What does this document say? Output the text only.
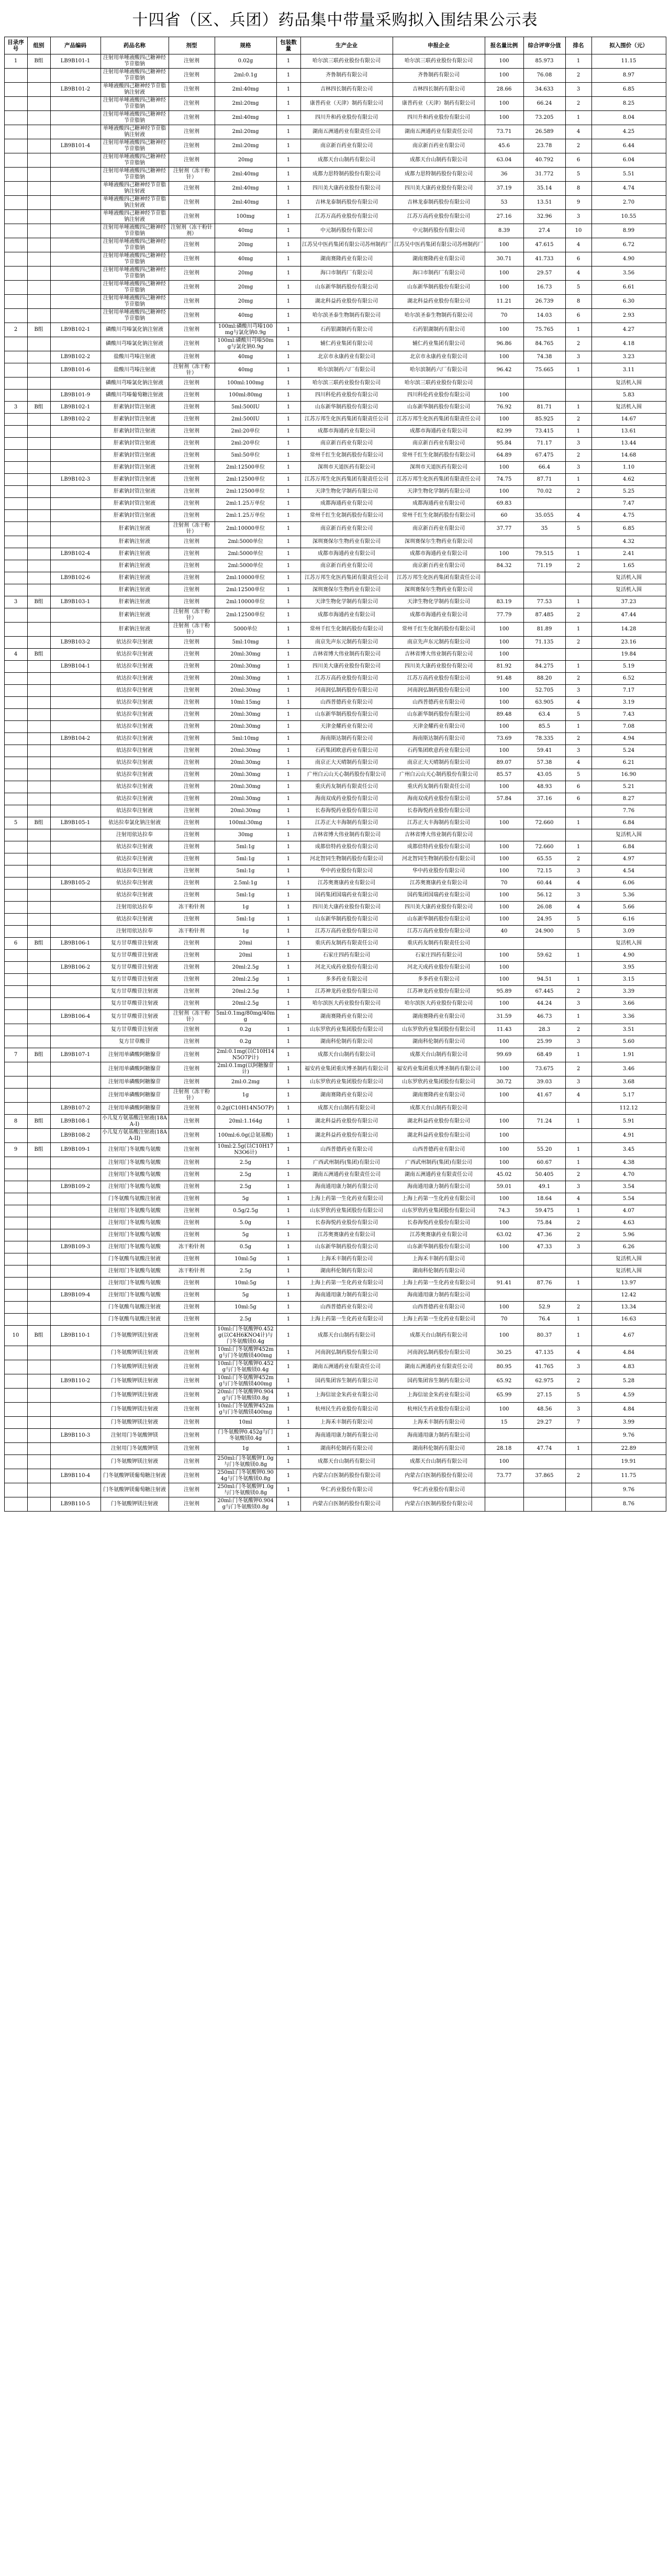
十四省（区、兵团）药品集中带量采购拟入围结果公示表
目录序号	组别	产品编码	药品名称	剂型	规格	包装数量	生产企业	申报企业	报名量比例	综合评审分值	排名	拟入围价（元）
1	B组	LB9B101-1	注射用单唾液酸四己糖神经节苷脂钠	注射剂	0.02g	1	哈尔滨三联药业股份有限公司	哈尔滨三联药业股份有限公司	100	85.973	1	11.15
			注射用单唾液酸四己糖神经节苷脂钠	注射剂	2ml:0.1g	1	齐鲁制药有限公司	齐鲁制药有限公司	100	76.08	2	8.97
		LB9B101-2	单唾液酸四己糖神经节苷脂钠注射液	注射剂	2ml:40mg	1	吉林四长制药有限公司	吉林四长制药有限公司	28.66	34.633	3	6.85
			注射用单唾液酸四己糖神经节苷脂钠	注射剂	2ml:20mg	1	康普药业（天津）制药有限公司	康普药业（天津）制药有限公司	100	66.24	2	8.25
			注射用单唾液酸四己糖神经节苷脂钠	注射剂	2ml:40mg	1	四川升和药业股份有限公司	四川升和药业股份有限公司	100	73.205	1	8.04
			单唾液酸四己糖神经节苷脂钠注射液	注射剂	2ml:20mg	1	湖南五洲通药业有限责任公司	湖南五洲通药业有限责任公司	73.71	26.589	4	4.25
		LB9B101-4	注射用单唾液酸四己糖神经节苷脂钠	注射剂	2ml:20mg	1	南京新百药业有限公司	南京新百药业有限公司	45.6	23.78	2	6.44
			注射用单唾液酸四己糖神经节苷脂钠	注射剂	20mg	1	成都天台山制药有限公司	成都天台山制药有限公司	63.04	40.792	6	6.04
			注射用单唾液酸四己糖神经节苷脂钠	注射剂（冻干粉针）	2ml:40mg	1	成都力思特制药股份有限公司	成都力思特制药股份有限公司	36	31.772	5	5.51
			单唾液酸四己糖神经节苷脂钠注射液	注射剂	2ml:40mg	1	四川美大康药业股份有限公司	四川美大康药业股份有限公司	37.19	35.14	8	4.74
			单唾液酸四己糖神经节苷脂钠注射液	注射剂	2ml:40mg	1	吉林龙泰制药股份有限公司	吉林龙泰制药股份有限公司	53	13.51	9	2.70
			单唾液酸四己糖神经节苷脂钠注射液	注射剂	100mg	1	江苏万高药业股份有限公司	江苏万高药业股份有限公司	27.16	32.96	3	10.55
			注射用单唾液酸四己糖神经节苷脂钠	注射剂（冻干粉针剂）	40mg	1	中元制药股份有限公司	中元制药股份有限公司	8.39	27.4	10	8.99
			注射用单唾液酸四己糖神经节苷脂钠	注射剂	20mg	1	江苏吴中医药集团有限公司苏州制药厂	江苏吴中医药集团有限公司苏州制药厂	100	47.615	4	6.72
			注射用单唾液酸四己糖神经节苷脂钠	注射剂	40mg	1	湖南赛隆药业有限公司	湖南赛隆药业有限公司	30.71	41.733	6	4.90
			注射用单唾液酸四己糖神经节苷脂钠	注射剂	20mg	1	海口市制药厂有限公司	海口市制药厂有限公司	100	29.57	4	3.56
			注射用单唾液酸四己糖神经节苷脂钠	注射剂	20mg	1	山东新华制药股份有限公司	山东新华制药股份有限公司	100	16.73	5	6.61
			注射用单唾液酸四己糖神经节苷脂钠	注射剂	20mg	1	湖北科益药业股份有限公司	湖北科益药业股份有限公司	11.21	26.739	8	6.30
			注射用单唾液酸四己糖神经节苷脂钠	注射剂	40mg	1	哈尔滨圣泰生物制药有限公司	哈尔滨圣泰生物制药有限公司	70	14.03	6	2.93
2	B组	LB9B102-1	磷酸川芎嗪氯化钠注射液	注射剂	100ml:磷酸川芎嗪100mg与氯化钠0.9g	1	石药银湖制药有限公司	石药银湖制药有限公司	100	75.765	1	4.27
			磷酸川芎嗪氯化钠注射液	注射剂	100ml:磷酸川芎嗪50mg与氯化钠0.9g	1	辅仁药业集团有限公司	辅仁药业集团有限公司	96.86	84.765	2	4.18
		LB9B102-2	盐酸川芎嗪注射液	注射剂	40mg	1	北京市永康药业有限公司	北京市永康药业有限公司	100	74.38	3	3.23
		LB9B101-6	盐酸川芎嗪注射液	注射剂（冻干粉针）	40mg	1	哈尔滨制药六厂有限公司	哈尔滨制药六厂有限公司	96.42	75.665	1	3.11
			磷酸川芎嗪氯化钠注射液	注射剂	100ml:100mg	1	哈尔滨三联药业股份有限公司	哈尔滨三联药业股份有限公司				复活机入围
		LB9B101-9	磷酸川芎嗪葡萄糖注射液	注射剂	100ml:80mg	1	四川科伦药业股份有限公司	四川科伦药业股份有限公司	100			5.83
3	B组	LB9B102-1	肝素钠封管注射液	注射剂	5ml:500IU	1	山东新华制药股份有限公司	山东新华制药股份有限公司	76.92	81.71	1	复活机入围
		LB9B102-2	肝素钠封管注射液	注射剂	2ml:500IU	1	江苏万邦生化医药集团有限责任公司	江苏万邦生化医药集团有限责任公司	100	85.925	2	14.67
			肝素钠封管注射液	注射剂	2ml:20单位	1	成都市海通药业有限公司	成都市海通药业有限公司	82.99	73.415	1	13.61
			肝素钠封管注射液	注射剂	2ml:20单位	1	南京新百药业有限公司	南京新百药业有限公司	95.84	71.17	3	13.44
			肝素钠封管注射液	注射剂	5ml:50单位	1	常州千红生化制药股份有限公司	常州千红生化制药股份有限公司	64.89	67.475	2	14.68
			肝素钠封管注射液	注射剂	2ml:12500单位	1	深圳市天道医药有限公司	深圳市天道医药有限公司	100	66.4	3	1.10
		LB9B102-3	肝素钠封管注射液	注射剂	2ml:12500单位	1	江苏万邦生化医药集团有限责任公司	江苏万邦生化医药集团有限责任公司	74.75	87.71	1	4.62
			肝素钠封管注射液	注射剂	2ml:12500单位	1	天津生物化学制药有限公司	天津生物化学制药有限公司	100	70.02	2	5.25
			肝素钠封管注射液	注射剂	2ml:1.25万单位	1	成都海通药业有限公司	成都海通药业有限公司	69.83			7.47
			肝素钠封管注射液	注射剂	2ml:1.25万单位	1	常州千红生化制药股份有限公司	常州千红生化制药股份有限公司	60	35.055	4	4.75
			肝素钠注射液	注射剂（冻干粉针）	2ml:10000单位	1	南京新百药业有限公司	南京新百药业有限公司	37.77	35	5	6.85
			肝素钠注射液	注射剂	2ml:5000单位	1	深圳赛保尔生物药业有限公司	深圳赛保尔生物药业有限公司				4.32
		LB9B102-4	肝素钠注射液	注射剂	2ml:5000单位	1	成都市海通药业有限公司	成都市海通药业有限公司	100	79.515	1	2.41
			肝素钠注射液	注射剂	2ml:5000单位	1	南京新百药业有限公司	南京新百药业有限公司	84.32	71.19	2	1.65
		LB9B102-6	肝素钠注射液	注射剂	2ml:10000单位	1	江苏万邦生化医药集团有限责任公司	江苏万邦生化医药集团有限责任公司				复活机入围
			肝素钠注射液	注射剂	2ml:12500单位	1	深圳赛保尔生物药业有限公司	深圳赛保尔生物药业有限公司				复活机入围
3	B组	LB9B103-1	肝素钠注射液	注射剂	2ml:10000单位	1	天津生物化学制药有限公司	天津生物化学制药有限公司	83.19	77.53	1	37.23
			肝素钠注射液	注射剂（冻干粉针）	2ml:12500单位	1	成都市海通药业有限公司	成都市海通药业有限公司	77.79	87.485	2	47.44
			肝素钠注射液	注射剂（冻干粉针）	5000单位	1	常州千红生化制药股份有限公司	常州千红生化制药股份有限公司	100	81.89	1	14.28
		LB9B103-2	依达拉奉注射液	注射剂	5ml:10mg	1	南京先声东元制药有限公司	南京先声东元制药有限公司	100	71.135	2	23.16
4	B组		依达拉奉注射液	注射剂	20ml:30mg	1	吉林省博大伟业制药有限公司	吉林省博大伟业制药有限公司	100			19.84
		LB9B104-1	依达拉奉注射液	注射剂	20ml:30mg	1	四川美大康药业股份有限公司	四川美大康药业股份有限公司	81.92	84.275	1	5.19
			依达拉奉注射液	注射剂	20ml:30mg	1	江苏万高药业股份有限公司	江苏万高药业股份有限公司	91.48	88.20	2	6.52
			依达拉奉注射液	注射剂	20ml:30mg	1	河南润弘制药股份有限公司	河南润弘制药股份有限公司	100	52.705	3	7.17
			依达拉奉注射液	注射剂	10ml:15mg	1	山西普德药业有限公司	山西普德药业有限公司	100	63.905	4	3.19
			依达拉奉注射液	注射剂	20ml:30mg	1	山东新华制药股份有限公司	山东新华制药股份有限公司	89.48	63.4	5	7.43
			依达拉奉注射液	注射剂	20ml:30mg	1	天津金耀药业有限公司	天津金耀药业有限公司	100	85.5	1	7.08
		LB9B104-2	依达拉奉注射液	注射剂	5ml:10mg	1	海南斯达制药有限公司	海南斯达制药有限公司	73.69	78.335	2	4.94
			依达拉奉注射液	注射剂	20ml:30mg	1	石药集团欧意药业有限公司	石药集团欧意药业有限公司	100	59.41	3	5.24
			依达拉奉注射液	注射剂	20ml:30mg	1	南京正大天晴制药有限公司	南京正大天晴制药有限公司	89.07	57.38	4	6.21
			依达拉奉注射液	注射剂	20ml:30mg	1	广州白云山天心制药股份有限公司	广州白云山天心制药股份有限公司	85.57	43.05	5	16.90
			依达拉奉注射液	注射剂	20ml:30mg	1	重庆药友制药有限责任公司	重庆药友制药有限责任公司	100	48.93	6	5.21
			依达拉奉注射液	注射剂	20ml:30mg	1	海南双成药业股份有限公司	海南双成药业股份有限公司	57.84	37.16	6	8.27
			依达拉奉注射液	注射剂	20ml:30mg	1	长春海悦药业股份有限公司	长春海悦药业股份有限公司				7.76
5	B组	LB9B105-1	依达拉奉氯化钠注射液	注射剂	100ml:30mg	1	江苏正大丰海制药有限公司	江苏正大丰海制药有限公司	100	72.660	1	6.84
			注射用依达拉奉	注射剂	30mg	1	吉林省博大伟业制药有限公司	吉林省博大伟业制药有限公司				复活机入围
			依达拉奉注射液	注射剂	5ml:1g	1	成都倍特药业股份有限公司	成都倍特药业股份有限公司	100	72.660	1	6.84
			依达拉奉注射液	注射剂	5ml:1g	1	河北智同生物制药股份有限公司	河北智同生物制药股份有限公司	100	65.55	2	4.97
			依达拉奉注射液	注射剂	5ml:1g	1	华中药业股份有限公司	华中药业股份有限公司	100	72.15	3	4.54
		LB9B105-2	依达拉奉注射液	注射剂	2.5ml:1g	1	江苏奥赛康药业有限公司	江苏奥赛康药业有限公司	70	60.44	4	6.06
			依达拉奉注射液	注射剂	5ml:1g	1	国药集团国瑞药业有限公司	国药集团国瑞药业有限公司	100	56.12	3	5.36
			注射用依达拉奉	冻干粉针剂	1g	1	四川美大康药业股份有限公司	四川美大康药业股份有限公司	100	26.08	4	5.66
			依达拉奉注射液	注射剂	5ml:1g	1	山东新华制药股份有限公司	山东新华制药股份有限公司	100	24.95	5	6.16
			注射用依达拉奉	冻干粉针剂	1g	1	江苏万高药业股份有限公司	江苏万高药业股份有限公司	40	24.900	5	3.09
6	B组	LB9B106-1	复方甘草酸苷注射液	注射剂	20ml	1	重庆药友制药有限责任公司	重庆药友制药有限责任公司				复活机入围
			复方甘草酸苷注射液	注射剂	20ml	1	石家庄四药有限公司	石家庄四药有限公司	100	59.62	1	4.90
		LB9B106-2	复方甘草酸苷注射液	注射剂	20ml:2.5g	1	河北天成药业股份有限公司	河北天成药业股份有限公司	100			3.95
			复方甘草酸苷注射液	注射剂	20ml:2.5g	1	多多药业有限公司	多多药业有限公司	100	94.51	1	3.15
			复方甘草酸苷注射液	注射剂	20ml:2.5g	1	江苏神龙药业股份有限公司	江苏神龙药业股份有限公司	95.89	67.445	2	3.39
			复方甘草酸苷注射液	注射剂	20ml:2.5g	1	哈尔滨医大药业股份有限公司	哈尔滨医大药业股份有限公司	100	44.24	3	3.66
		LB9B106-4	复方甘草酸苷注射液	注射剂（冻干粉针）	5ml:0.1mg/80mg/40mg	1	湖南赛隆药业有限公司	湖南赛隆药业有限公司	31.59	46.73	1	3.36
			复方甘草酸苷注射液	注射剂	0.2g	1	山东罗欣药业集团股份有限公司	山东罗欣药业集团股份有限公司	11.43	28.3	2	3.51
			复方甘草酸苷	注射剂	0.2g	1	湖南科伦制药有限公司	湖南科伦制药有限公司	100	25.99	3	5.60
7	B组	LB9B107-1	注射用单磷酸阿糖腺苷	注射剂	2ml:0.1mg(以C10H14N5O7P计)	1	成都天台山制药有限公司	成都天台山制药有限公司	99.69	68.49	1	1.91
			注射用单磷酸阿糖腺苷	注射剂	2ml:0.1mg(以阿糖腺苷计)	1	福安药业集团重庆博圣制药有限公司	福安药业集团重庆博圣制药有限公司	100	73.675	2	3.46
			注射用单磷酸阿糖腺苷	注射剂	2ml:0.2mg	1	山东罗欣药业集团股份有限公司	山东罗欣药业集团股份有限公司	30.72	39.03	3	3.68
			注射用单磷酸阿糖腺苷	注射剂（冻干粉针）	1g	1	湖南赛隆药业有限公司	湖南赛隆药业有限公司	100	41.67	4	5.17
		LB9B107-2	注射用单磷酸阿糖腺苷	注射剂	0.2g(C10H14N5O7P)	1	成都天台山制药有限公司	成都天台山制药有限公司				112.12
8	B组	LB9B108-1	小儿复方氨基酸注射液(18AA-I)	注射剂	20ml:1.164g	1	湖北科益药业股份有限公司	湖北科益药业股份有限公司	100	71.24	1	5.91
		LB9B108-2	小儿复方氨基酸注射液(18AA-II)	注射剂	100ml:6.0g(总氨基酸)	1	湖北科益药业股份有限公司	湖北科益药业股份有限公司	100			4.91
9	B组	LB9B109-1	注射用门冬氨酸鸟氨酸	注射剂	10ml:2.5g(以C10H17N3O6计)	1	山西普德药业有限公司	山西普德药业有限公司	100	55.20	1	3.45
			注射用门冬氨酸鸟氨酸	注射剂	2.5g	1	广西武州制药(集团)有限公司	广西武州制药(集团)有限公司	100	60.67	1	4.38
			注射用门冬氨酸鸟氨酸	注射剂	2.5g	1	湖南五洲通药业有限责任公司	湖南五洲通药业有限责任公司	45.02	50.405	2	4.70
		LB9B109-2	注射用门冬氨酸鸟氨酸	注射剂	2.5g	1	海南通用康力制药有限公司	海南通用康力制药有限公司	59.01	49.1	3	3.54
			门冬氨酸鸟氨酸注射液	注射剂	5g	1	上海上药第一生化药业有限公司	上海上药第一生化药业有限公司	100	18.64	4	5.54
			注射用门冬氨酸鸟氨酸	注射剂	0.5g/2.5g	1	山东罗欣药业集团股份有限公司	山东罗欣药业集团股份有限公司	74.3	59.475	1	4.07
			注射用门冬氨酸鸟氨酸	注射剂	5.0g	1	长春海悦药业股份有限公司	长春海悦药业股份有限公司	100	75.84	2	4.63
			注射用门冬氨酸鸟氨酸	注射剂	5g	1	江苏奥赛康药业有限公司	江苏奥赛康药业有限公司	63.02	47.36	2	5.96
		LB9B109-3	注射用门冬氨酸鸟氨酸	冻干粉针剂	0.5g	1	山东新华制药股份有限公司	山东新华制药股份有限公司	100	47.33	3	6.26
			门冬氨酸鸟氨酸注射液	注射剂	10ml:5g	1	上海禾丰制药有限公司	上海禾丰制药有限公司				复活机入围
			注射用门冬氨酸鸟氨酸	冻干粉针剂	2.5g	1	湖南科伦制药有限公司	湖南科伦制药有限公司				复活机入围
			注射用门冬氨酸鸟氨酸	注射剂	10ml:5g	1	上海上药第一生化药业有限公司	上海上药第一生化药业有限公司	91.41	87.76	1	13.97
		LB9B109-4	注射用门冬氨酸鸟氨酸	注射剂	5g	1	海南通用康力制药有限公司	海南通用康力制药有限公司				12.42
			门冬氨酸鸟氨酸注射液	注射剂	10ml:5g	1	山西普德药业有限公司	山西普德药业有限公司	100	52.9	2	13.34
			门冬氨酸鸟氨酸注射液	注射剂	2.5g	1	上海上药第一生化药业有限公司	上海上药第一生化药业有限公司	70	76.4	1	16.63
10	B组	LB9B110-1	门冬氨酸钾镁注射液	注射剂	10ml:门冬氨酸钾0.452g(以C4H6KNO4计)与门冬氨酸镁0.4g	1	成都天台山制药有限公司	成都天台山制药有限公司	100	80.37	1	4.67
			门冬氨酸钾镁注射液	注射剂	10ml:门冬氨酸钾452mg与门冬氨酸镁400mg	1	河南润弘制药股份有限公司	河南润弘制药股份有限公司	30.25	47.135	4	4.84
			门冬氨酸钾镁注射液	注射剂	10ml:门冬氨酸钾0.452g与门冬氨酸镁0.4g	1	湖南五洲通药业有限责任公司	湖南五洲通药业有限责任公司	80.95	41.765	3	4.83
		LB9B110-2	门冬氨酸钾镁注射液	注射剂	10ml:门冬氨酸钾452mg与门冬氨酸镁400mg	1	国药集团容生制药有限公司	国药集团容生制药有限公司	65.92	62.975	2	5.28
			门冬氨酸钾镁注射液	注射剂	20ml:门冬氨酸钾0.904g与门冬氨酸镁0.8g	1	上海信谊金朱药业有限公司	上海信谊金朱药业有限公司	65.99	27.15	5	4.59
			门冬氨酸钾镁注射液	注射剂	10ml:门冬氨酸钾452mg与门冬氨酸镁400mg	1	杭州民生药业股份有限公司	杭州民生药业股份有限公司	100	48.56	3	4.84
			门冬氨酸钾镁注射液	注射剂	10ml	1	上海禾丰制药有限公司	上海禾丰制药有限公司	15	29.27	7	3.99
		LB9B110-3	注射用门冬氨酸钾镁	注射剂	门冬氨酸钾0.452g与门冬氨酸镁0.4g	1	海南通用康力制药有限公司	海南通用康力制药有限公司				9.76
			注射用门冬氨酸钾镁	注射剂	1g	1	湖南科伦制药有限公司	湖南科伦制药有限公司	28.18	47.74	1	22.89
			门冬氨酸钾镁注射液	注射剂	250ml:门冬氨酸钾1.0g与门冬氨酸镁0.8g	1	成都天台山制药有限公司	成都天台山制药有限公司	100			19.91
		LB9B110-4	门冬氨酸钾镁葡萄糖注射液	注射剂	250ml:门冬氨酸钾0.904g与门冬氨酸镁0.8g	1	内蒙古白医制药股份有限公司	内蒙古白医制药股份有限公司	73.77	37.865	2	11.75
			门冬氨酸钾镁葡萄糖注射液	注射剂	250ml:门冬氨酸钾1.0g与门冬氨酸镁0.8g	1	华仁药业股份有限公司	华仁药业股份有限公司				9.76
		LB9B110-5	门冬氨酸钾镁注射液	注射剂	20ml:门冬氨酸钾0.904g与门冬氨酸镁0.8g	1	内蒙古白医制药股份有限公司	内蒙古白医制药股份有限公司				8.76
